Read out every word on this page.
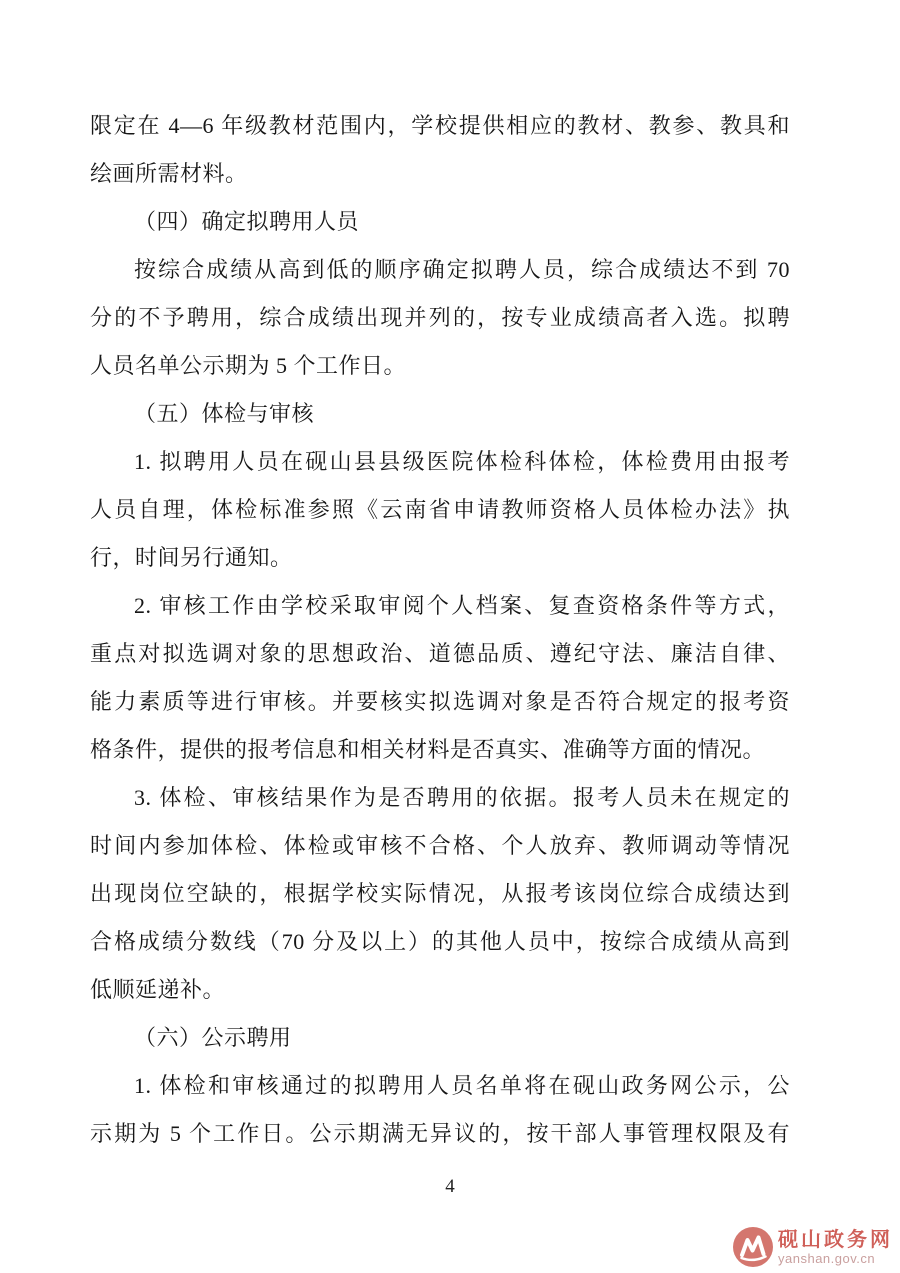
限定在 4—6 年级教材范围内，学校提供相应的教材、教参、教具和
绘画所需材料。
（四）确定拟聘用人员
按综合成绩从高到低的顺序确定拟聘人员，综合成绩达不到 70
分的不予聘用，综合成绩出现并列的，按专业成绩高者入选。拟聘
人员名单公示期为 5 个工作日。
（五）体检与审核
1. 拟聘用人员在砚山县县级医院体检科体检，体检费用由报考
人员自理，体检标准参照《云南省申请教师资格人员体检办法》执
行，时间另行通知。
2. 审核工作由学校采取审阅个人档案、复查资格条件等方式，
重点对拟选调对象的思想政治、道德品质、遵纪守法、廉洁自律、
能力素质等进行审核。并要核实拟选调对象是否符合规定的报考资
格条件，提供的报考信息和相关材料是否真实、准确等方面的情况。
3. 体检、审核结果作为是否聘用的依据。报考人员未在规定的
时间内参加体检、体检或审核不合格、个人放弃、教师调动等情况
出现岗位空缺的，根据学校实际情况，从报考该岗位综合成绩达到
合格成绩分数线（70 分及以上）的其他人员中，按综合成绩从高到
低顺延递补。
（六）公示聘用
1. 体检和审核通过的拟聘用人员名单将在砚山政务网公示，公
示期为 5 个工作日。公示期满无异议的，按干部人事管理权限及有
4
砚山政务网
yanshan.gov.cn
